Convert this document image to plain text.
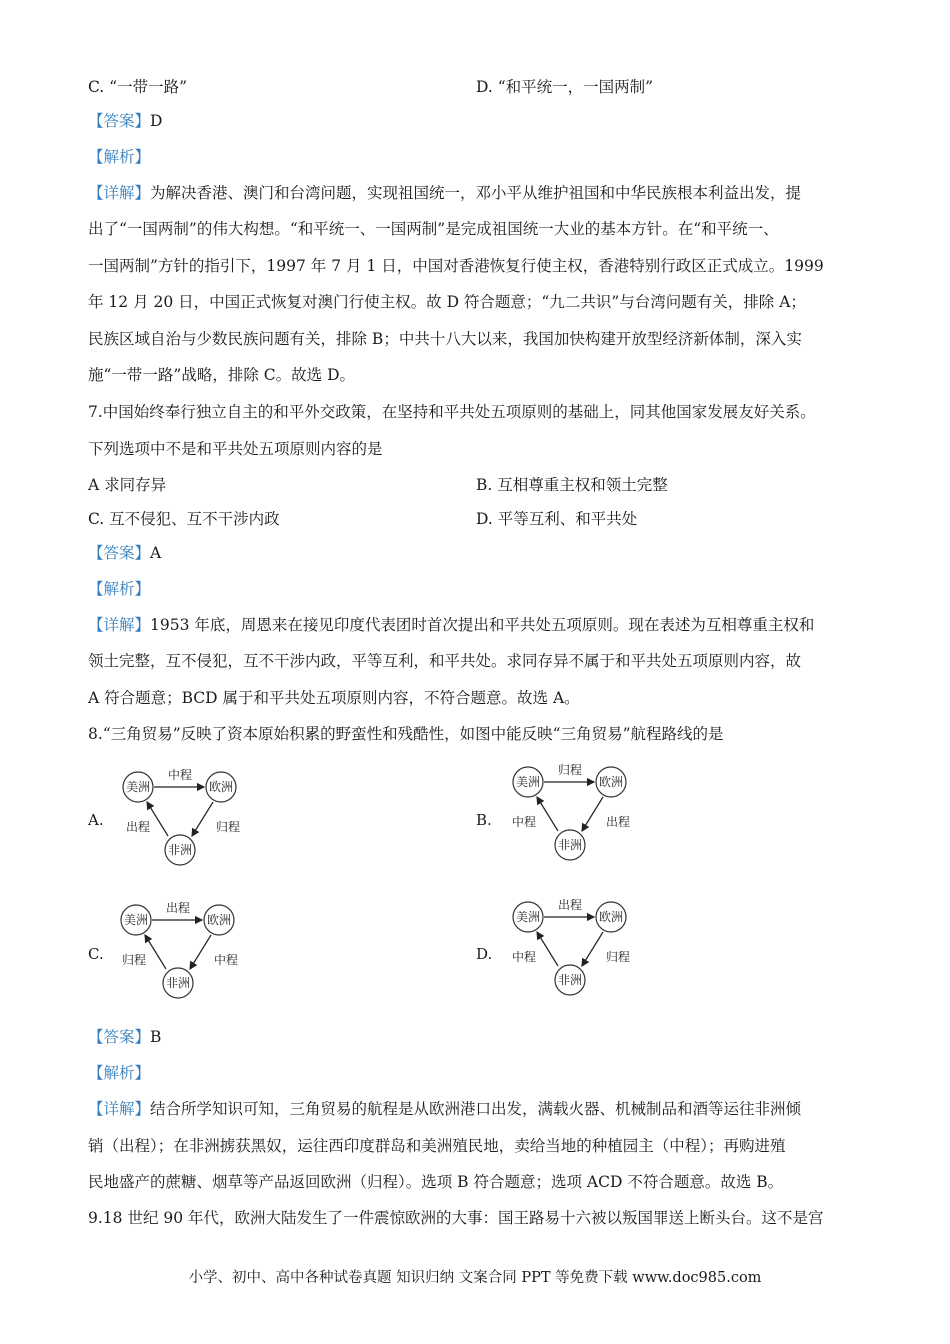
C. “一带一路”	D. “和平统一，一国两制”
【答案】D
【解析】
【详解】为解决香港、澳门和台湾问题，实现祖国统一，邓小平从维护祖国和中华民族根本利益出发，提
出了“一国两制”的伟大构想。“和平统一、一国两制”是完成祖国统一大业的基本方针。在“和平统一、
一国两制”方针的指引下，1997 年 7 月 1 日，中国对香港恢复行使主权，香港特别行政区正式成立。1999
年 12 月 20 日，中国正式恢复对澳门行使主权。故 D 符合题意；“九二共识”与台湾问题有关，排除 A；
民族区域自治与少数民族问题有关，排除 B；中共十八大以来，我国加快构建开放型经济新体制，深入实
施“一带一路”战略，排除 C。故选 D。
7.中国始终奉行独立自主的和平外交政策，在坚持和平共处五项原则的基础上，同其他国家发展友好关系。
下列选项中不是和平共处五项原则内容的是
A 求同存异	B. 互相尊重主权和领土完整
C. 互不侵犯、互不干涉内政	D. 平等互利、和平共处
【答案】A
【解析】
【详解】1953 年底，周恩来在接见印度代表团时首次提出和平共处五项原则。现在表述为互相尊重主权和
领土完整，互不侵犯，互不干涉内政，平等互利，和平共处。求同存异不属于和平共处五项原则内容，故
A 符合题意；BCD 属于和平共处五项原则内容，不符合题意。故选 A。
8.“三角贸易”反映了资本原始积累的野蛮性和残酷性，如图中能反映“三角贸易”航程路线的是
A.	B.
C.	D.
美洲	欧洲
非洲
中程
出程	归程
美洲	欧洲
非洲
归程
中程	出程
美洲	欧洲
非洲
出程
归程	中程
美洲	欧洲
非洲
出程
中程	归程
【答案】B
【解析】
【详解】结合所学知识可知，三角贸易的航程是从欧洲港口出发，满载火器、机械制品和酒等运往非洲倾
销（出程）；在非洲掳获黑奴，运往西印度群岛和美洲殖民地，卖给当地的种植园主（中程）；再购进殖
民地盛产的蔗糖、烟草等产品返回欧洲（归程）。选项 B 符合题意；选项 ACD 不符合题意。故选 B。
9.18 世纪 90 年代，欧洲大陆发生了一件震惊欧洲的大事：国王路易十六被以叛国罪送上断头台。这不是宫
小学、初中、高中各种试卷真题 知识归纳 文案合同 PPT 等免费下载 www.doc985.com
